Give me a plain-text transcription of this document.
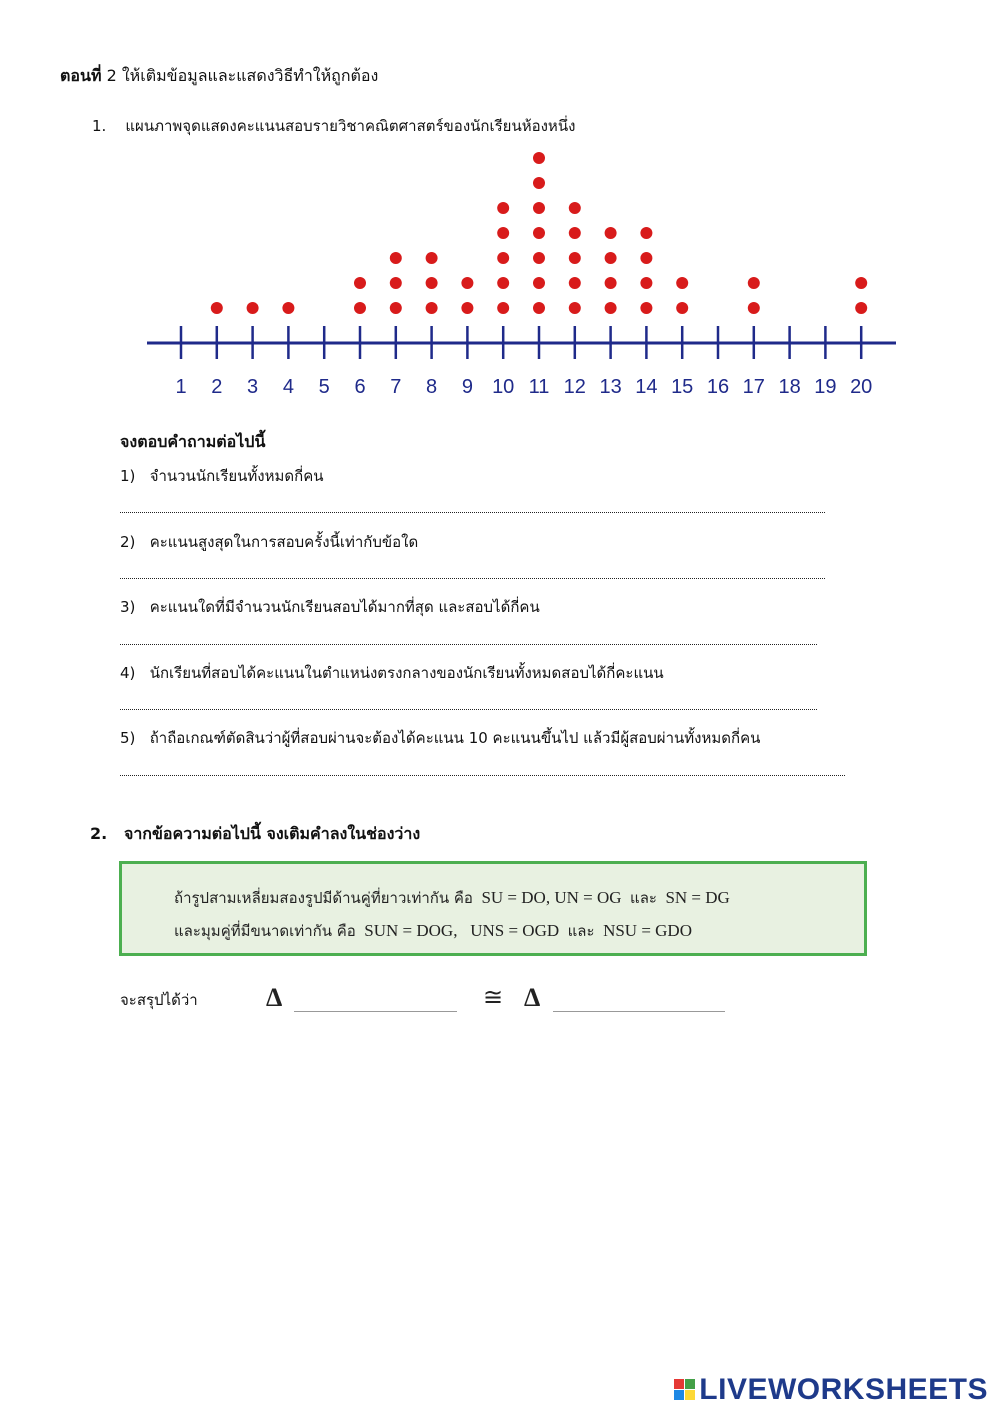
ตอนที่ 2 ให้เติมข้อมูลและแสดงวิธีทำให้ถูกต้อง
1. แผนภาพจุดแสดงคะแนนสอบรายวิชาคณิตศาสตร์ของนักเรียนห้องหนึ่ง
1 2 3 4 5 6 7 8 9 10 11 12 13 14 15 16 17 18 19 20
จงตอบคำถามต่อไปนี้
1) จำนวนนักเรียนทั้งหมดกี่คน
2) คะแนนสูงสุดในการสอบครั้งนี้เท่ากับข้อใด
3) คะแนนใดที่มีจำนวนนักเรียนสอบได้มากที่สุด และสอบได้กี่คน
4) นักเรียนที่สอบได้คะแนนในตำแหน่งตรงกลางของนักเรียนทั้งหมดสอบได้กี่คะแนน
5) ถ้าถือเกณฑ์ตัดสินว่าผู้ที่สอบผ่านจะต้องได้คะแนน 10 คะแนนขึ้นไป แล้วมีผู้สอบผ่านทั้งหมดกี่คน
2. จากข้อความต่อไปนี้ จงเติมคำลงในช่องว่าง
ถ้ารูปสามเหลี่ยมสองรูปมีด้านคู่ที่ยาวเท่ากัน คือ SU = DO, UN = OG และ SN = DG
และมุมคู่ที่มีขนาดเท่ากัน คือ SUN = DOG, UNS = OGD และ NSU = GDO
จะสรุปได้ว่า	Δ	≅ Δ
LIVEWORKSHEETS
